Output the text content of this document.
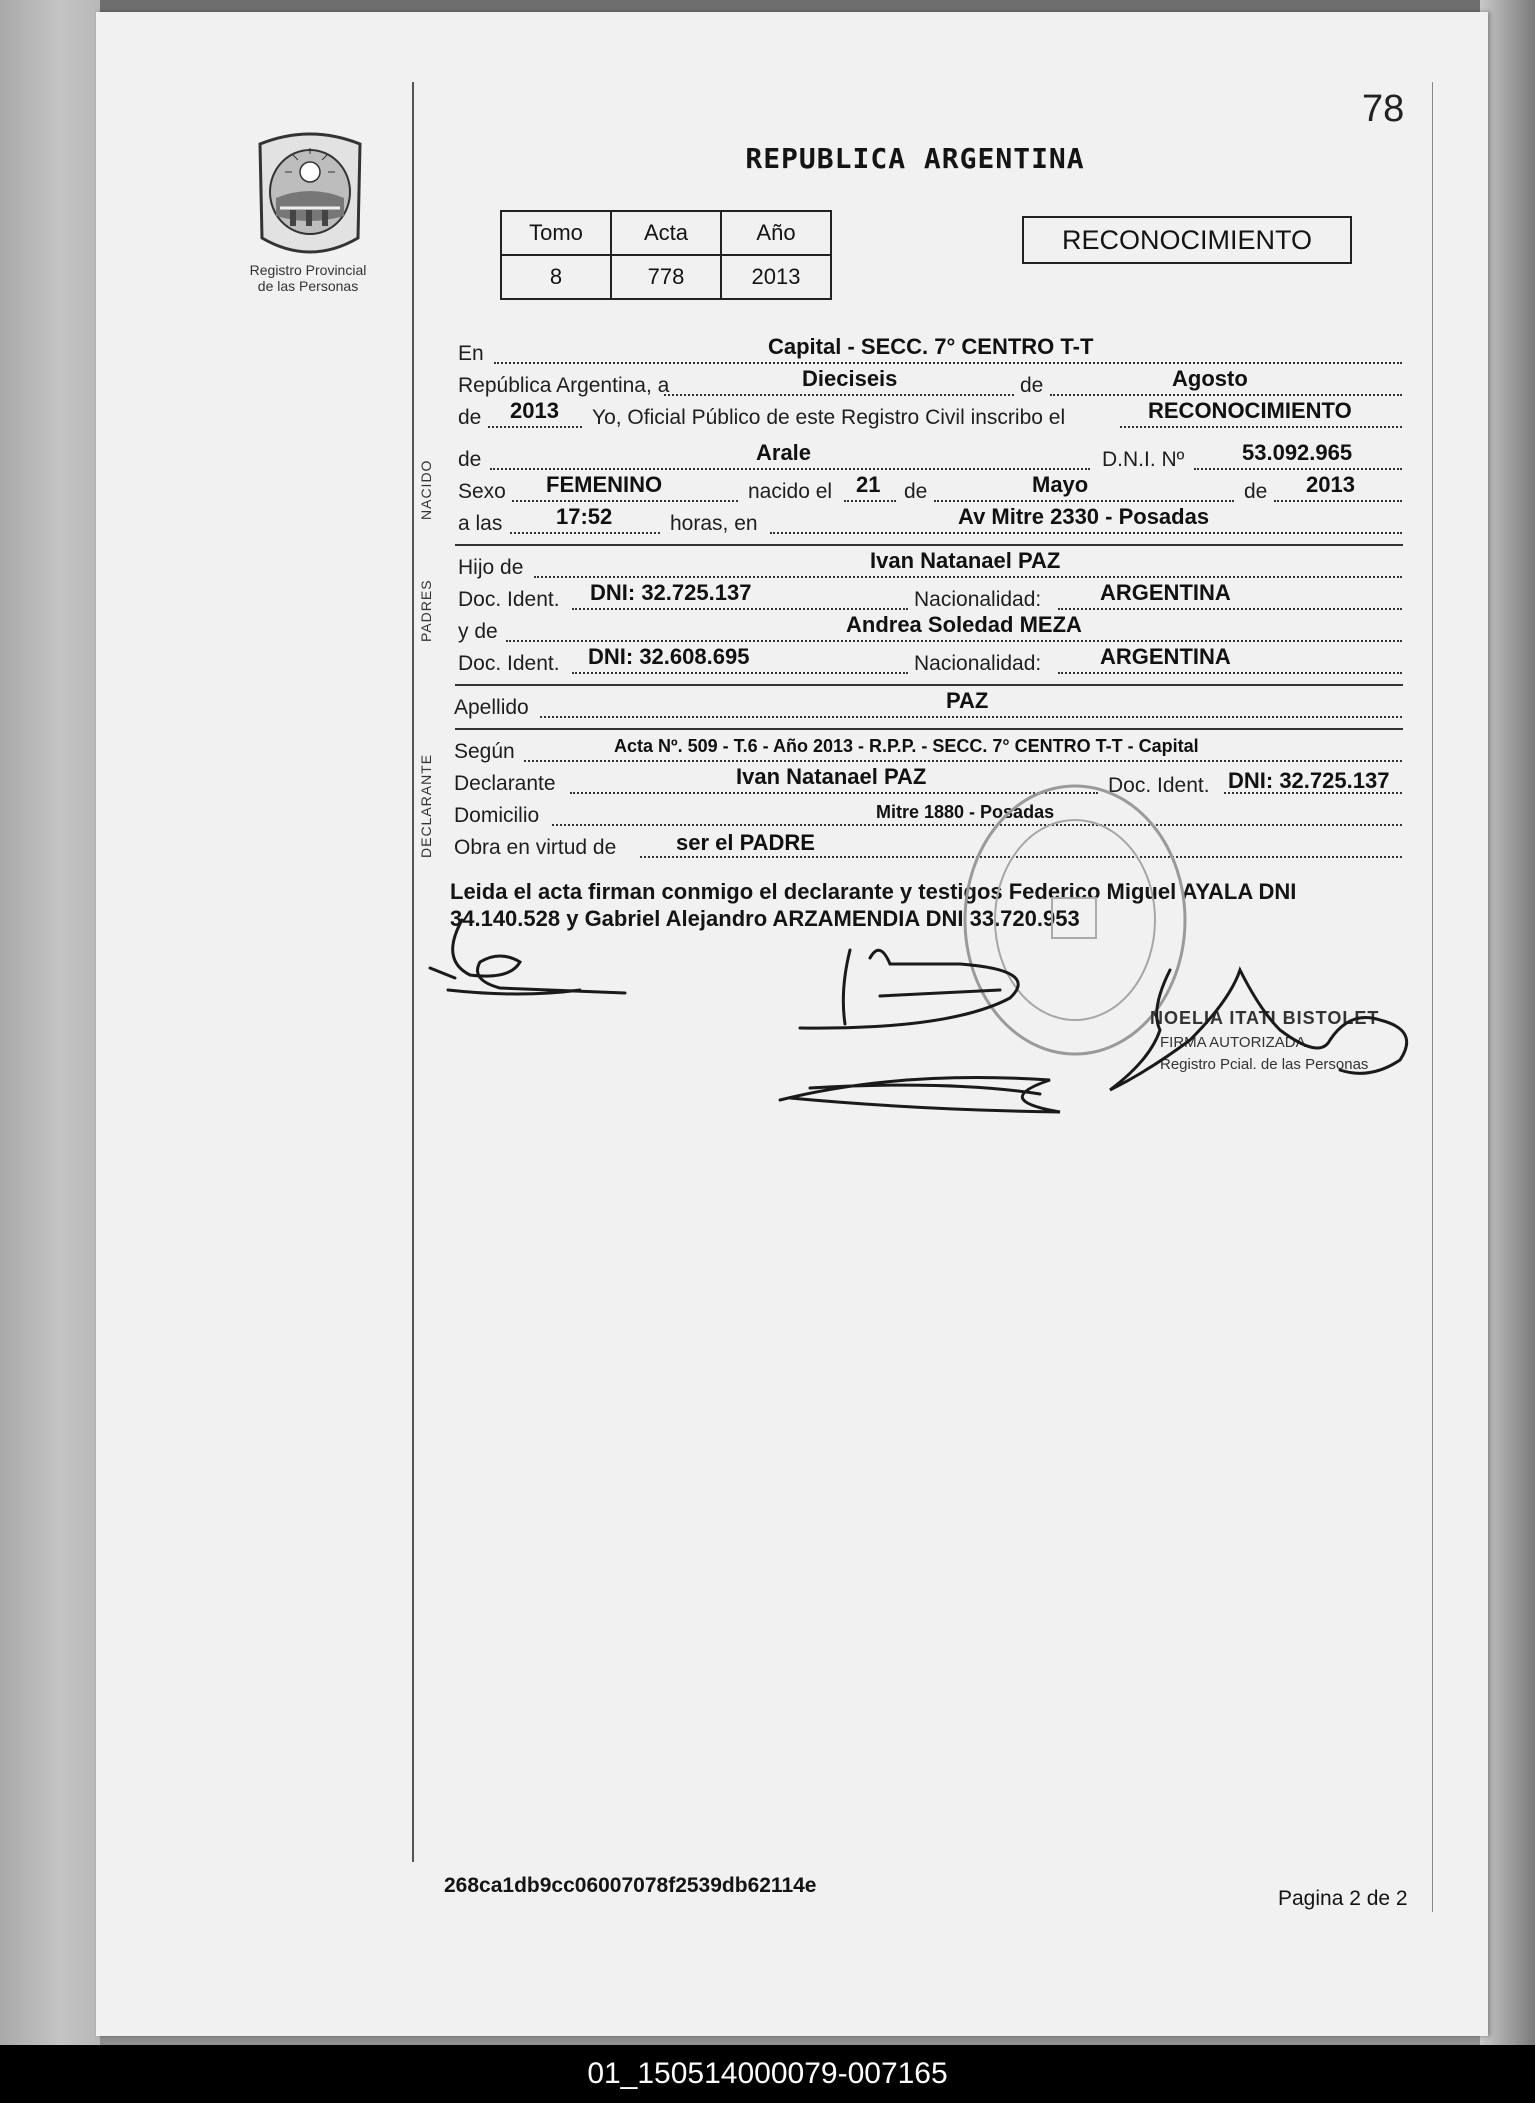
Registro Provincial
de las Personas
78
REPUBLICA ARGENTINA
Tomo	Acta	Año
8	778	2013
RECONOCIMIENTO
NACIDO
PADRES
DECLARANTE
En	Capital - SECC. 7° CENTRO T-T
República Argentina, a	Dieciseis	de	Agosto
de 2013 Yo, Oficial Público de este Registro Civil inscribo el	RECONOCIMIENTO
de	Arale	D.N.I. Nº	53.092.965
Sexo FEMENINO	nacido el 21 de	Mayo	de 2013
a las 17:52	horas, en	Av Mitre 2330 - Posadas
Hijo de	Ivan Natanael PAZ
Doc. Ident. DNI: 32.725.137	Nacionalidad:	ARGENTINA
y de	Andrea Soledad MEZA
Doc. Ident. DNI: 32.608.695	Nacionalidad:	ARGENTINA
Apellido	PAZ
Según	Acta Nº. 509 - T.6 - Año 2013 - R.P.P. - SECC. 7° CENTRO T-T - Capital
Declarante	Ivan Natanael PAZ	Doc. Ident. DNI: 32.725.137
Domicilio	Mitre 1880 - Posadas
Obra en virtud de	ser el PADRE
Leida el acta firman conmigo el declarante y testigos Federico Miguel AYALA DNI 34.140.528 y Gabriel Alejandro ARZAMENDIA DNI 33.720.953
NOELIA ITATI BISTOLET
FIRMA AUTORIZADA
Registro Pcial. de las Personas
268ca1db9cc06007078f2539db62114e
Pagina 2 de 2
01_150514000079-007165
